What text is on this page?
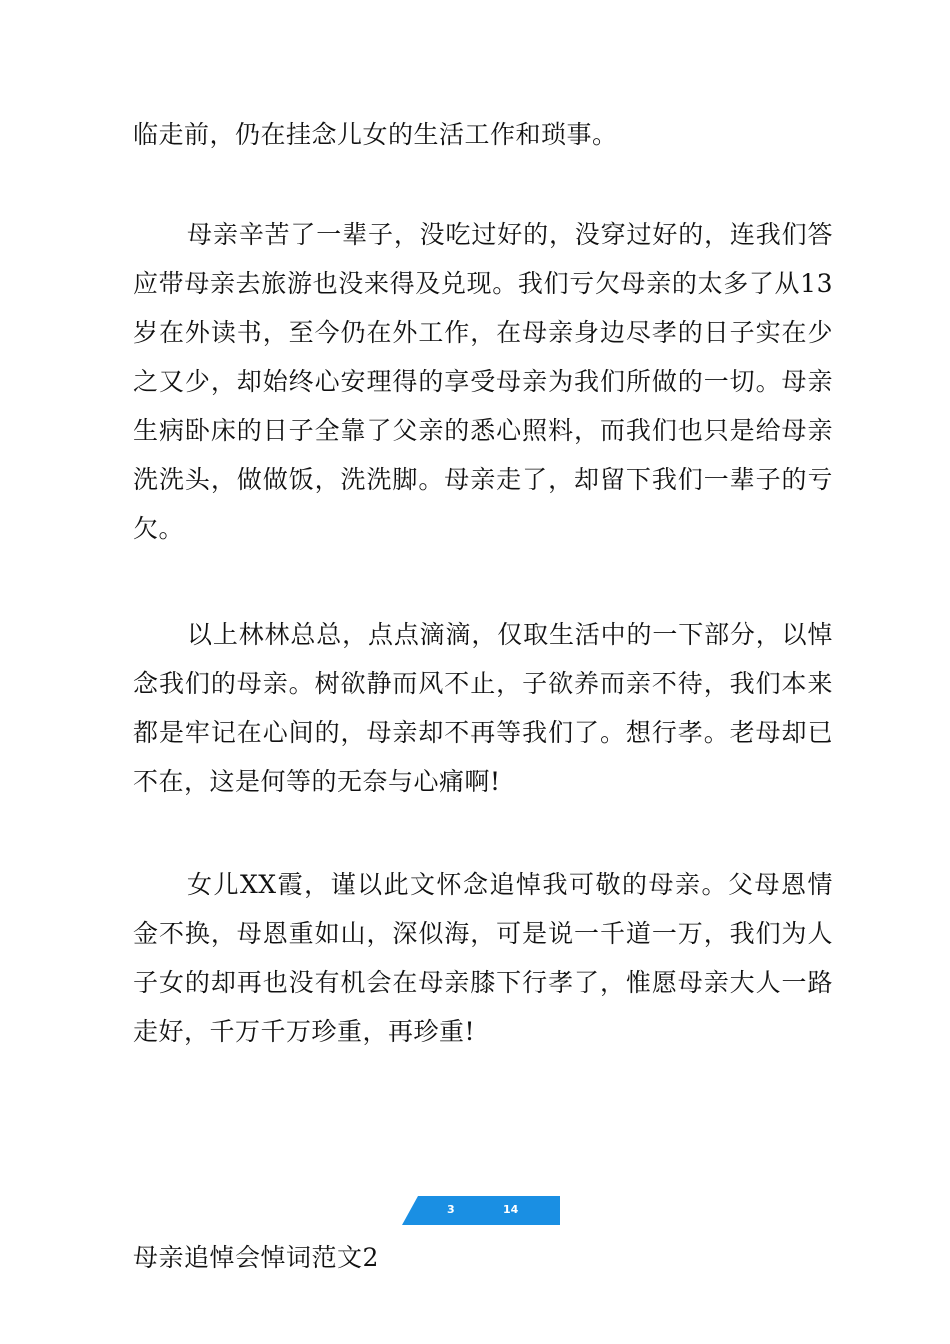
临走前，仍在挂念儿女的生活工作和琐事。

母亲辛苦了一辈子，没吃过好的，没穿过好的，连我们答应带母亲去旅游也没来得及兑现。我们亏欠母亲的太多了从13岁在外读书，至今仍在外工作，在母亲身边尽孝的日子实在少之又少，却始终心安理得的享受母亲为我们所做的一切。母亲生病卧床的日子全靠了父亲的悉心照料，而我们也只是给母亲洗洗头，做做饭，洗洗脚。母亲走了，却留下我们一辈子的亏欠。

以上林林总总，点点滴滴，仅取生活中的一下部分，以悼念我们的母亲。树欲静而风不止，子欲养而亲不待，我们本来都是牢记在心间的，母亲却不再等我们了。想行孝。老母却已不在，这是何等的无奈与心痛啊!

女儿XX霞，谨以此文怀念追悼我可敬的母亲。父母恩情金不换，母恩重如山，深似海，可是说一千道一万，我们为人子女的却再也没有机会在母亲膝下行孝了，惟愿母亲大人一路走好，千万千万珍重，再珍重!

3	14

母亲追悼会悼词范文2
